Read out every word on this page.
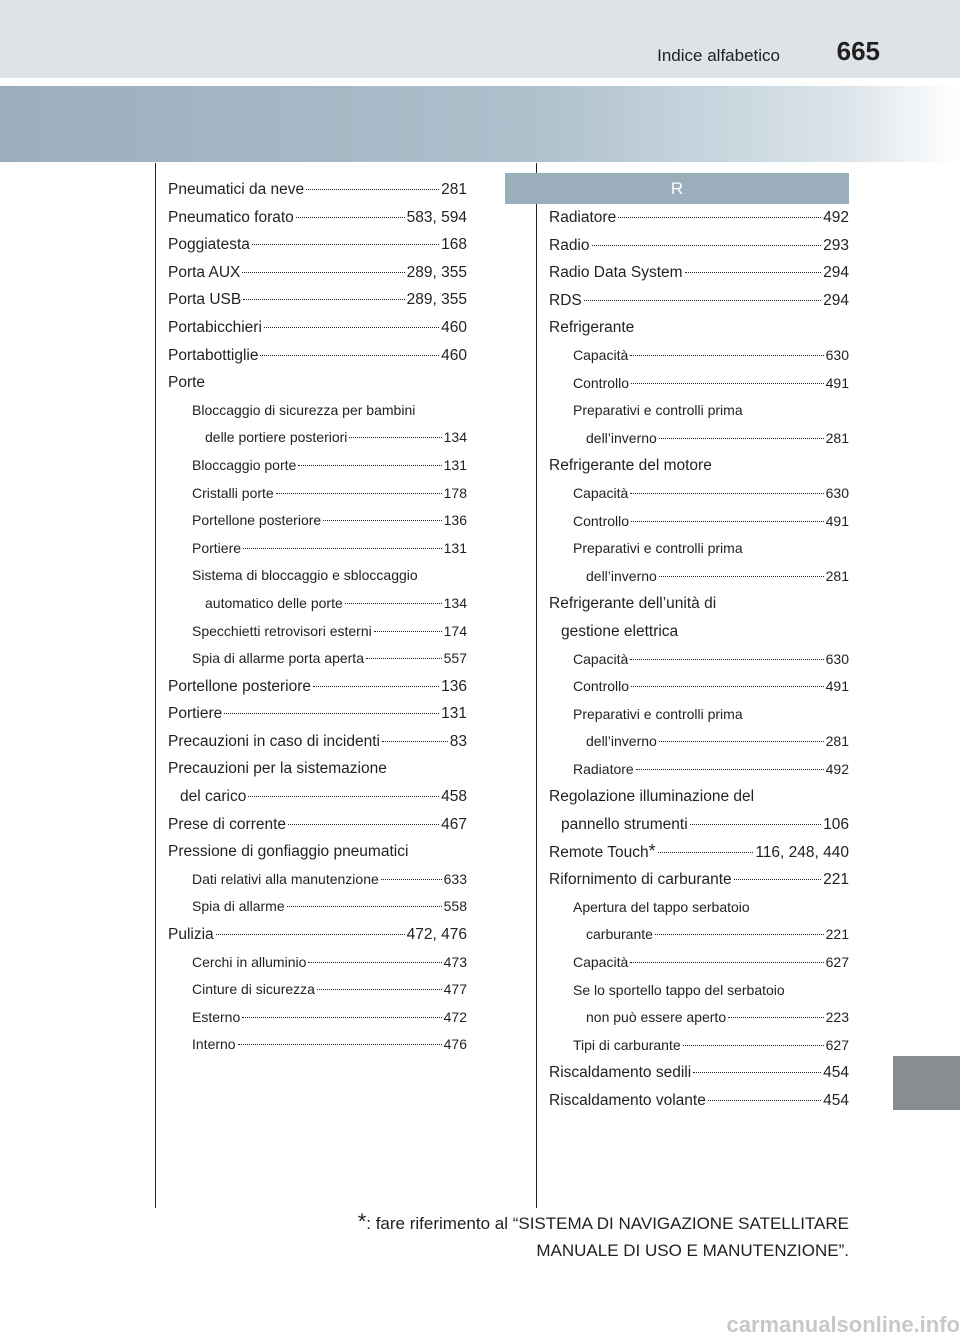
Indice alfabetico 665
Pneumatici da neve	281
Pneumatico forato	583, 594
Poggiatesta	168
Porta AUX	289, 355
Porta USB	289, 355
Portabicchieri	460
Portabottiglie	460
Porte
Bloccaggio di sicurezza per bambini
delle portiere posteriori	134
Bloccaggio porte	131
Cristalli porte	178
Portellone posteriore	136
Portiere	131
Sistema di bloccaggio e sbloccaggio
automatico delle porte	134
Specchietti retrovisori esterni	174
Spia di allarme porta aperta	557
Portellone posteriore	136
Portiere	131
Precauzioni in caso di incidenti	83
Precauzioni per la sistemazione
del carico	458
Prese di corrente	467
Pressione di gonfiaggio pneumatici
Dati relativi alla manutenzione	633
Spia di allarme	558
Pulizia	472, 476
Cerchi in alluminio	473
Cinture di sicurezza	477
Esterno	472
Interno	476
R
Radiatore	492
Radio	293
Radio Data System	294
RDS	294
Refrigerante
Capacità	630
Controllo	491
Preparativi e controlli prima
dell’inverno	281
Refrigerante del motore
Capacità	630
Controllo	491
Preparativi e controlli prima
dell’inverno	281
Refrigerante dell’unità di
gestione elettrica
Capacità	630
Controllo	491
Preparativi e controlli prima
dell’inverno	281
Radiatore	492
Regolazione illuminazione del
pannello strumenti	106
Remote Touch *	116, 248, 440
Rifornimento di carburante	221
Apertura del tappo serbatoio
carburante	221
Capacità	627
Se lo sportello tappo del serbatoio
non può essere aperto	223
Tipi di carburante	627
Riscaldamento sedili	454
Riscaldamento volante	454
*: fare riferimento al “SISTEMA DI NAVIGAZIONE SATELLITARE
MANUALE DI USO E MANUTENZIONE”.
carmanualsonline.info
